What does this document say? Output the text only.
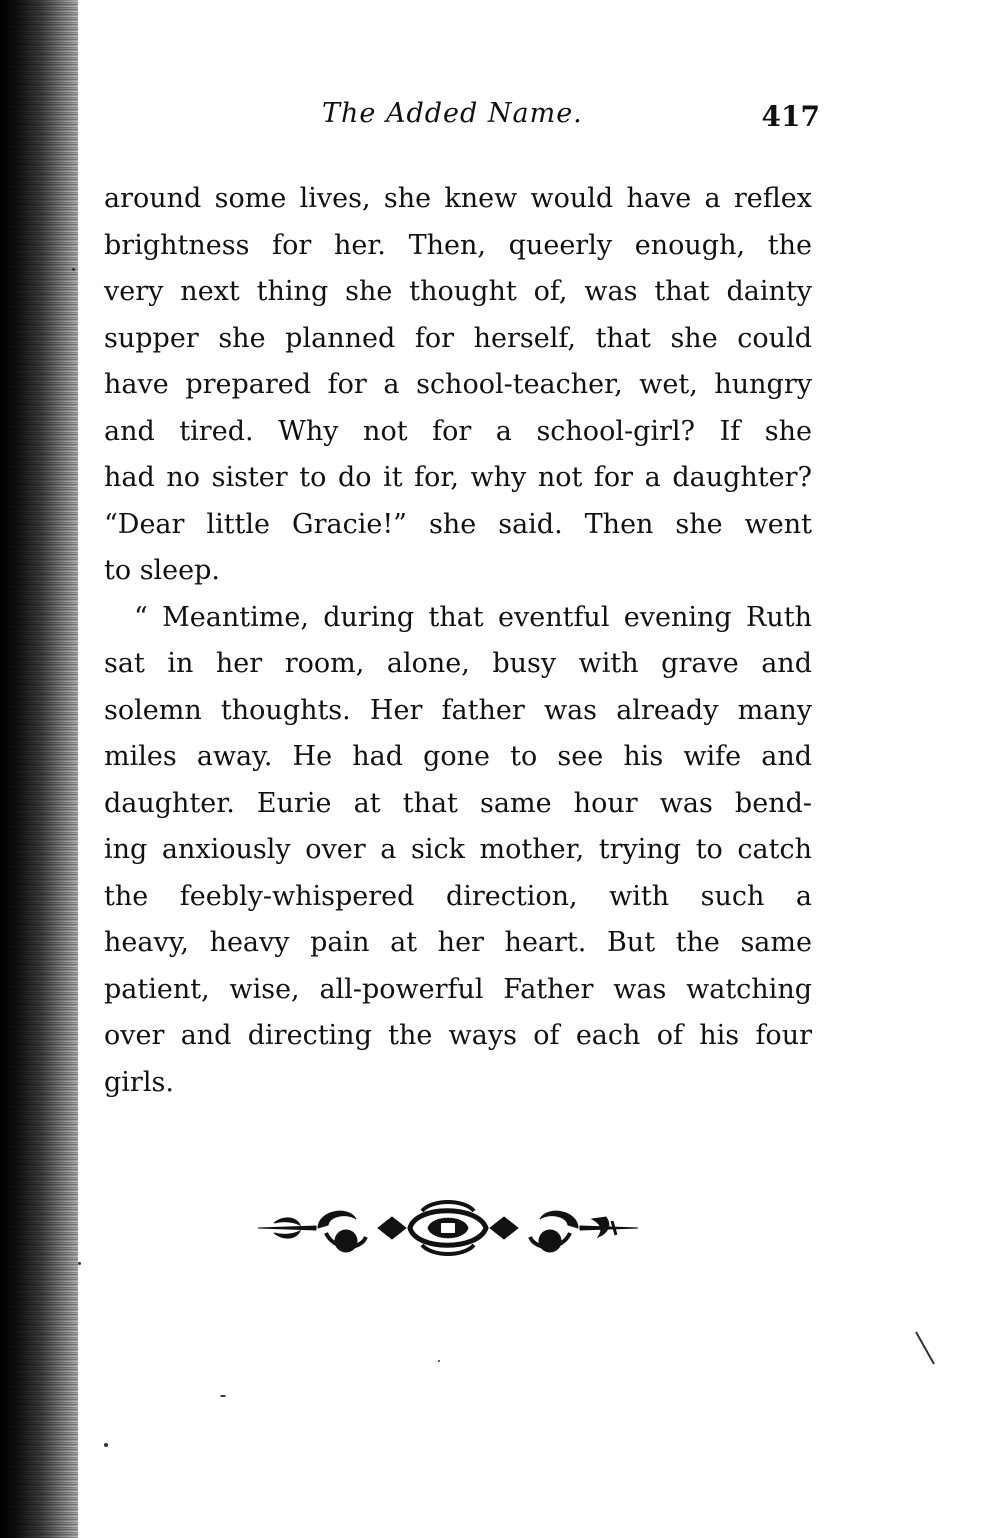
The Added Name.	417
around some lives, she knew would have a reflex
brightness for her. Then, queerly enough, the
very next thing she thought of, was that dainty
supper she planned for herself, that she could
have prepared for a school-teacher, wet, hungry
and tired. Why not for a school-girl? If she
had no sister to do it for, why not for a daughter?
“Dear little Gracie!” she said. Then she went
to sleep.
“ Meantime, during that eventful evening Ruth
sat in her room, alone, busy with grave and
solemn thoughts. Her father was already many
miles away. He had gone to see his wife and
daughter. Eurie at that same hour was bend-
ing anxiously over a sick mother, trying to catch
the feebly-whispered direction, with such a
heavy, heavy pain at her heart. But the same
patient, wise, all-powerful Father was watching
over and directing the ways of each of his four
girls.
